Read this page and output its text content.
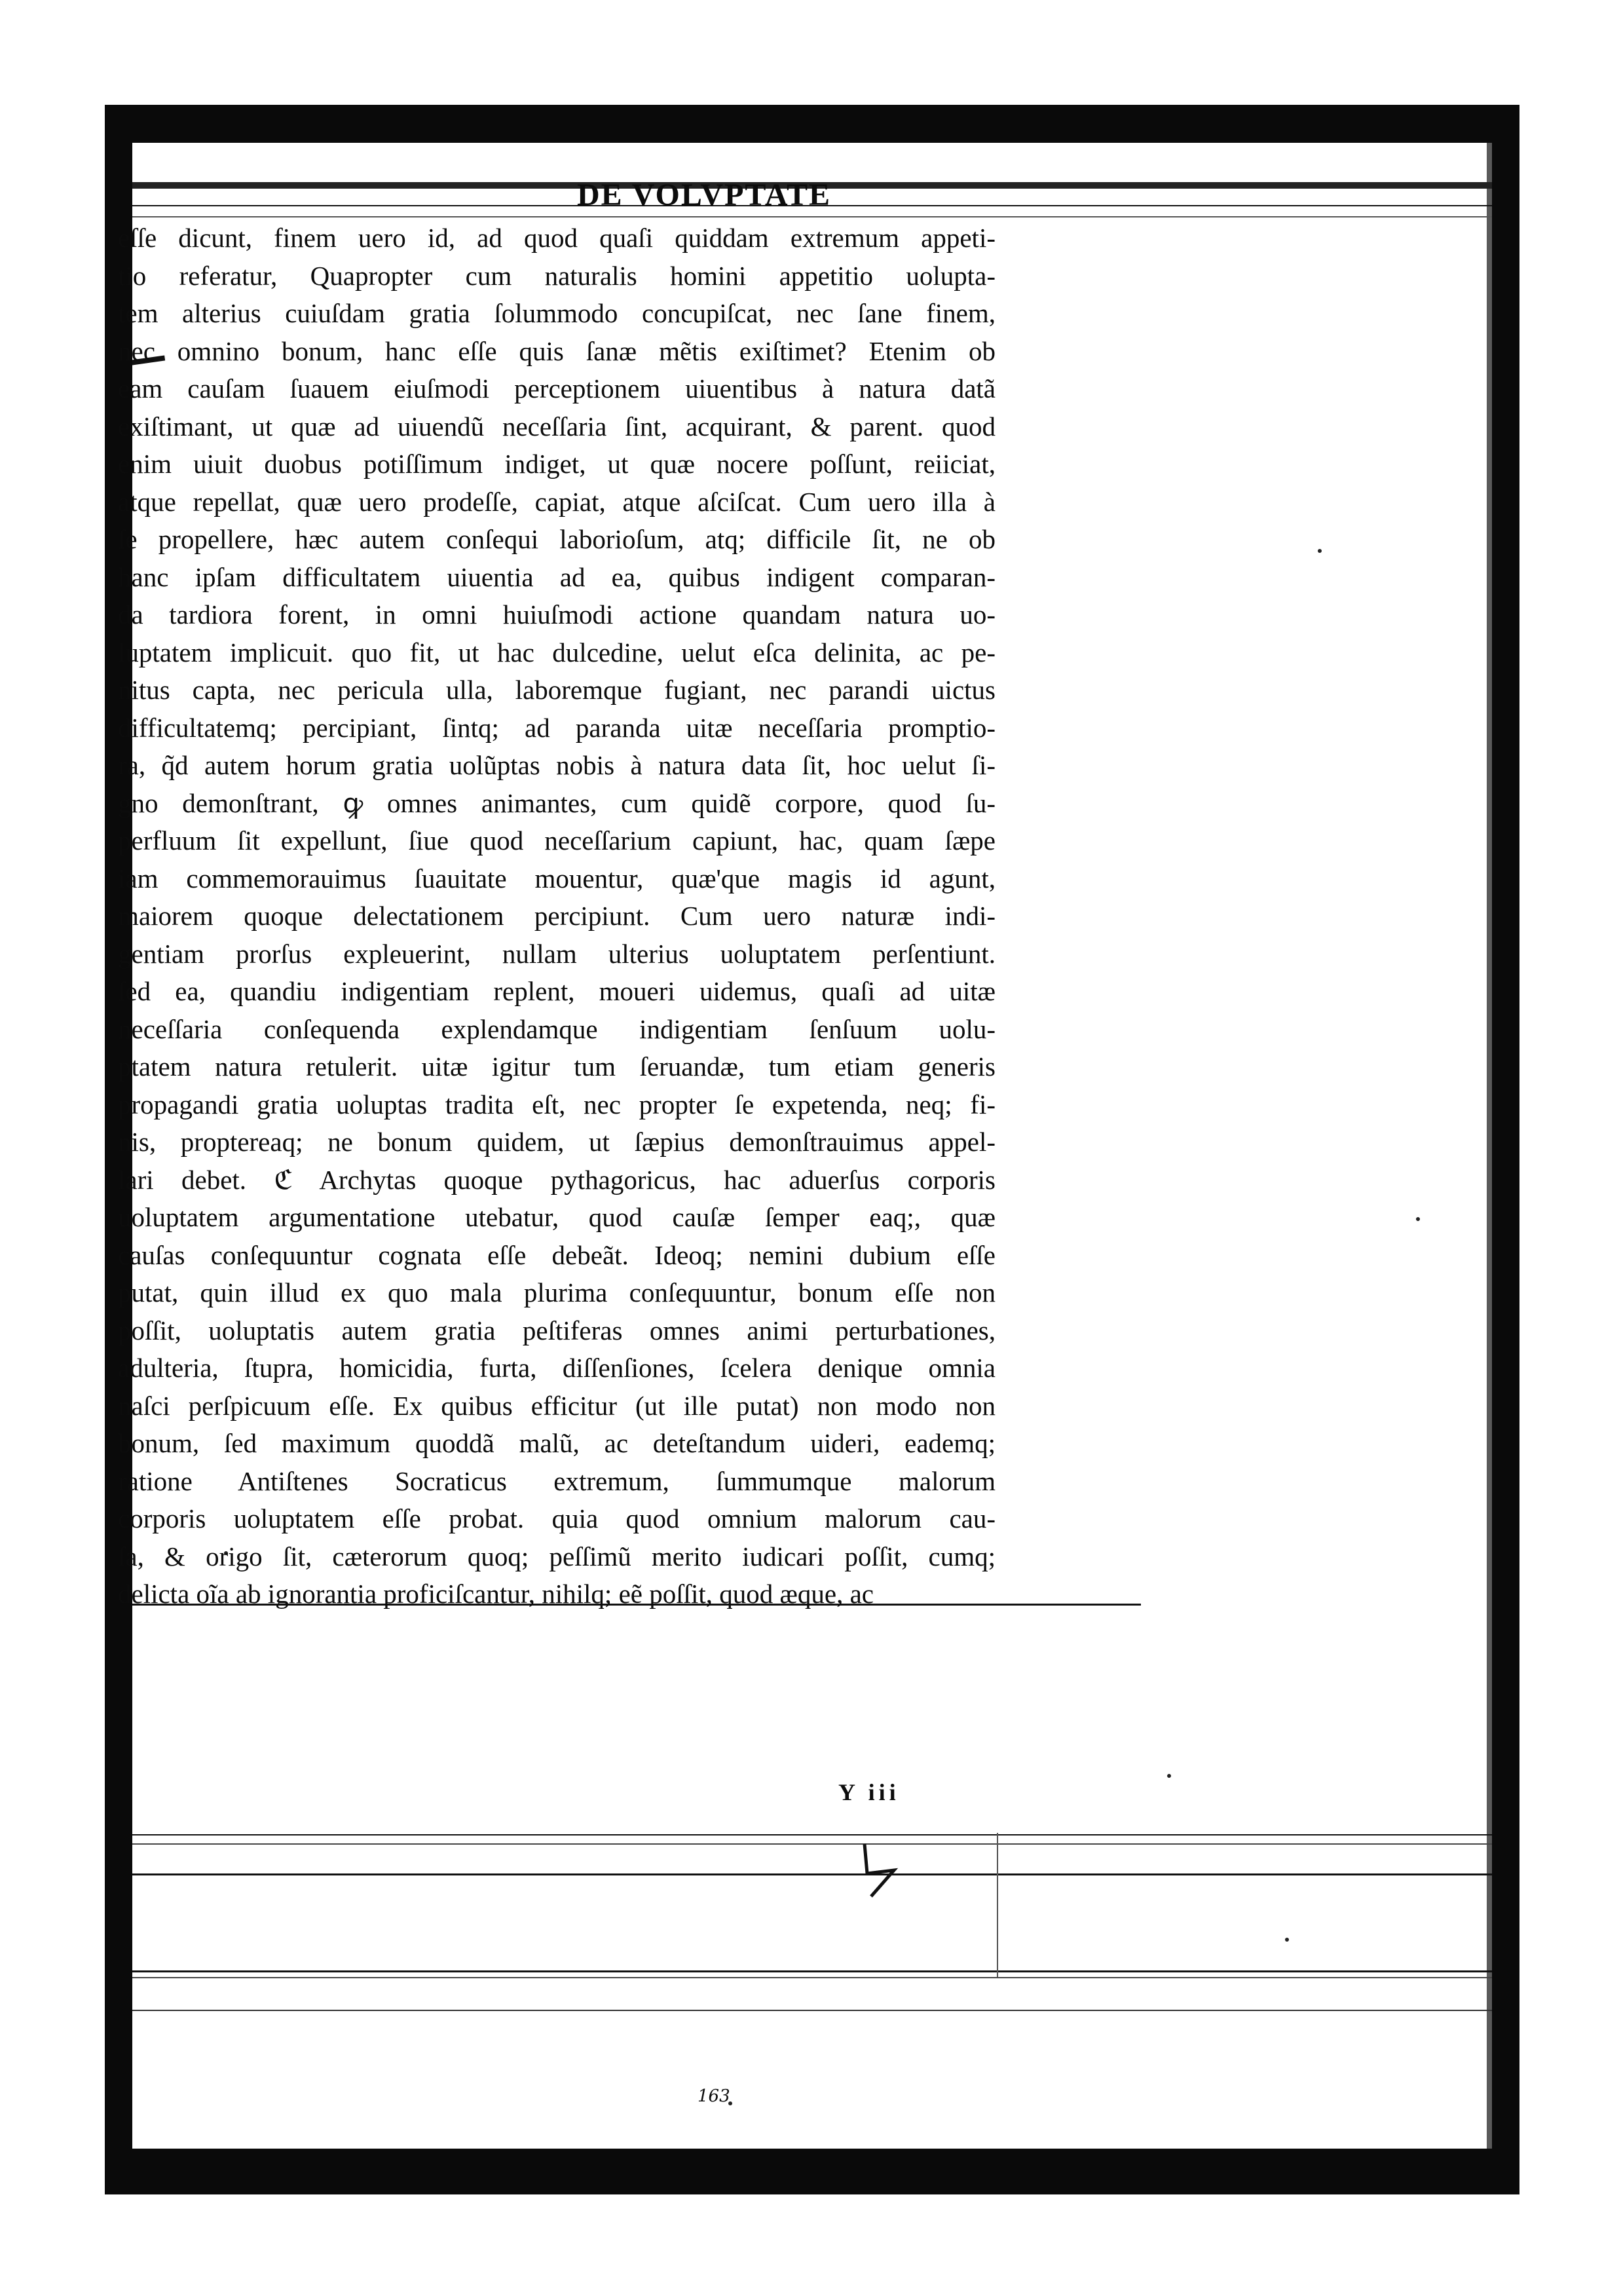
DE VOLVPTATE
eſſe dicunt, finem uero id, ad quod quaſi quiddam extremum appeti-
tio referatur, Quapropter cum naturalis homini appetitio uolupta-
tem alterius cuiuſdam gratia ſolummodo concupiſcat, nec ſane finem,
nec omnino bonum, hanc eſſe quis ſanæ mẽtis exiſtimet? Etenim ob
eam cauſam ſuauem eiuſmodi perceptionem uiuentibus à natura datã
exiſtimant, ut quæ ad uiuendũ neceſſaria ſint, acquirant, & parent. quod
enim uiuit duobus potiſſimum indiget, ut quæ nocere poſſunt, reiiciat,
atque repellat, quæ uero prodeſſe, capiat, atque aſciſcat. Cum uero illa à
ſe propellere, hæc autem conſequi laborioſum, atq; difficile ſit, ne ob
hanc ipſam difficultatem uiuentia ad ea, quibus indigent comparan-
da tardiora forent, in omni huiuſmodi actione quandam natura uo-
luptatem implicuit. quo fit, ut hac dulcedine, uelut eſca delinita, ac pe-
nitus capta, nec pericula ulla, laboremque fugiant, nec parandi uictus
difficultatemq; percipiant, ſintq; ad paranda uitæ neceſſaria promptio-
ra, q̃d autem horum gratia uolũptas nobis à natura data ſit, hoc uelut ſi-
gno demonſtrant, ꝙ omnes animantes, cum quidẽ corpore, quod ſu-
perfluum ſit expellunt, ſiue quod neceſſarium capiunt, hac, quam ſæpe
iam commemorauimus ſuauitate mouentur, quæ'que magis id agunt,
maiorem quoque delectationem percipiunt. Cum uero naturæ indi-
gentiam prorſus expleuerint, nullam ulterius uoluptatem perſentiunt.
ſed ea, quandiu indigentiam replent, moueri uidemus, quaſi ad uitæ
neceſſaria conſequenda explendamque indigentiam ſenſuum uolu-
ptatem natura retulerit. uitæ igitur tum ſeruandæ, tum etiam generis
propagandi gratia uoluptas tradita eſt, nec propter ſe expetenda, neq; fi-
nis, proptereaq; ne bonum quidem, ut ſæpius demonſtrauimus appel-
lari debet. ℭ Archytas quoque pythagoricus, hac aduerſus corporis
uoluptatem argumentatione utebatur, quod cauſæ ſemper eaq;, quæ
cauſas conſequuntur cognata eſſe debeãt. Ideoq; nemini dubium eſſe
putat, quin illud ex quo mala plurima conſequuntur, bonum eſſe non
poſſit, uoluptatis autem gratia peſtiferas omnes animi perturbationes,
adulteria, ſtupra, homicidia, furta, diſſenſiones, ſcelera denique omnia
naſci perſpicuum eſſe. Ex quibus efficitur (ut ille putat) non modo non
bonum, ſed maximum quoddã malũ, ac deteſtandum uideri, eademq;
ratione Antiſtenes Socraticus extremum, ſummumque malorum
corporis uoluptatem eſſe probat. quia quod omnium malorum cau-
ſa, & origo ſit, cæterorum quoq; peſſimũ merito iudicari poſſit, cumq;
delicta oĩa ab ignorantia proficiſcantur, nihilq; eẽ poſſit, quod æque, ac
Y iii
163
